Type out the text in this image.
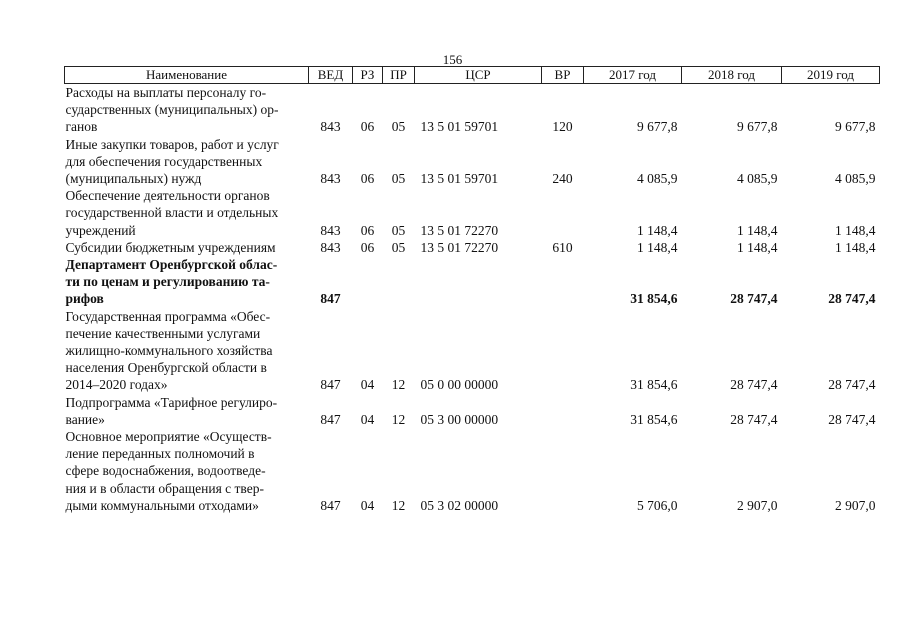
156
Наименование	ВЕД	РЗ	ПР	ЦСР	ВР	2017 год	2018 год	2019 год

Расходы на выплаты персоналу го-
сударственных (муниципальных) ор-
ганов	843	06	05	13 5 01 59701	120	9 677,8	9 677,8	9 677,8

Иные закупки товаров, работ и услуг
для обеспечения государственных
(муниципальных) нужд	843	06	05	13 5 01 59701	240	4 085,9	4 085,9	4 085,9

Обеспечение деятельности органов
государственной власти и отдельных
учреждений	843	06	05	13 5 01 72270		1 148,4	1 148,4	1 148,4

Субсидии бюджетным учреждениям	843	06	05	13 5 01 72270	610	1 148,4	1 148,4	1 148,4

Департамент Оренбургской облас-
ти по ценам и регулированию та-
рифов	847					31 854,6	28 747,4	28 747,4

Государственная программа «Обес-
печение качественными услугами
жилищно-коммунального хозяйства
населения Оренбургской области в
2014–2020 годах»	847	04	12	05 0 00 00000		31 854,6	28 747,4	28 747,4

Подпрограмма «Тарифное регулиро-
вание»	847	04	12	05 3 00 00000		31 854,6	28 747,4	28 747,4

Основное мероприятие «Осуществ-
ление переданных полномочий в
сфере водоснабжения, водоотведе-
ния и в области обращения с твер-
дыми коммунальными отходами»	847	04	12	05 3 02 00000		5 706,0	2 907,0	2 907,0
